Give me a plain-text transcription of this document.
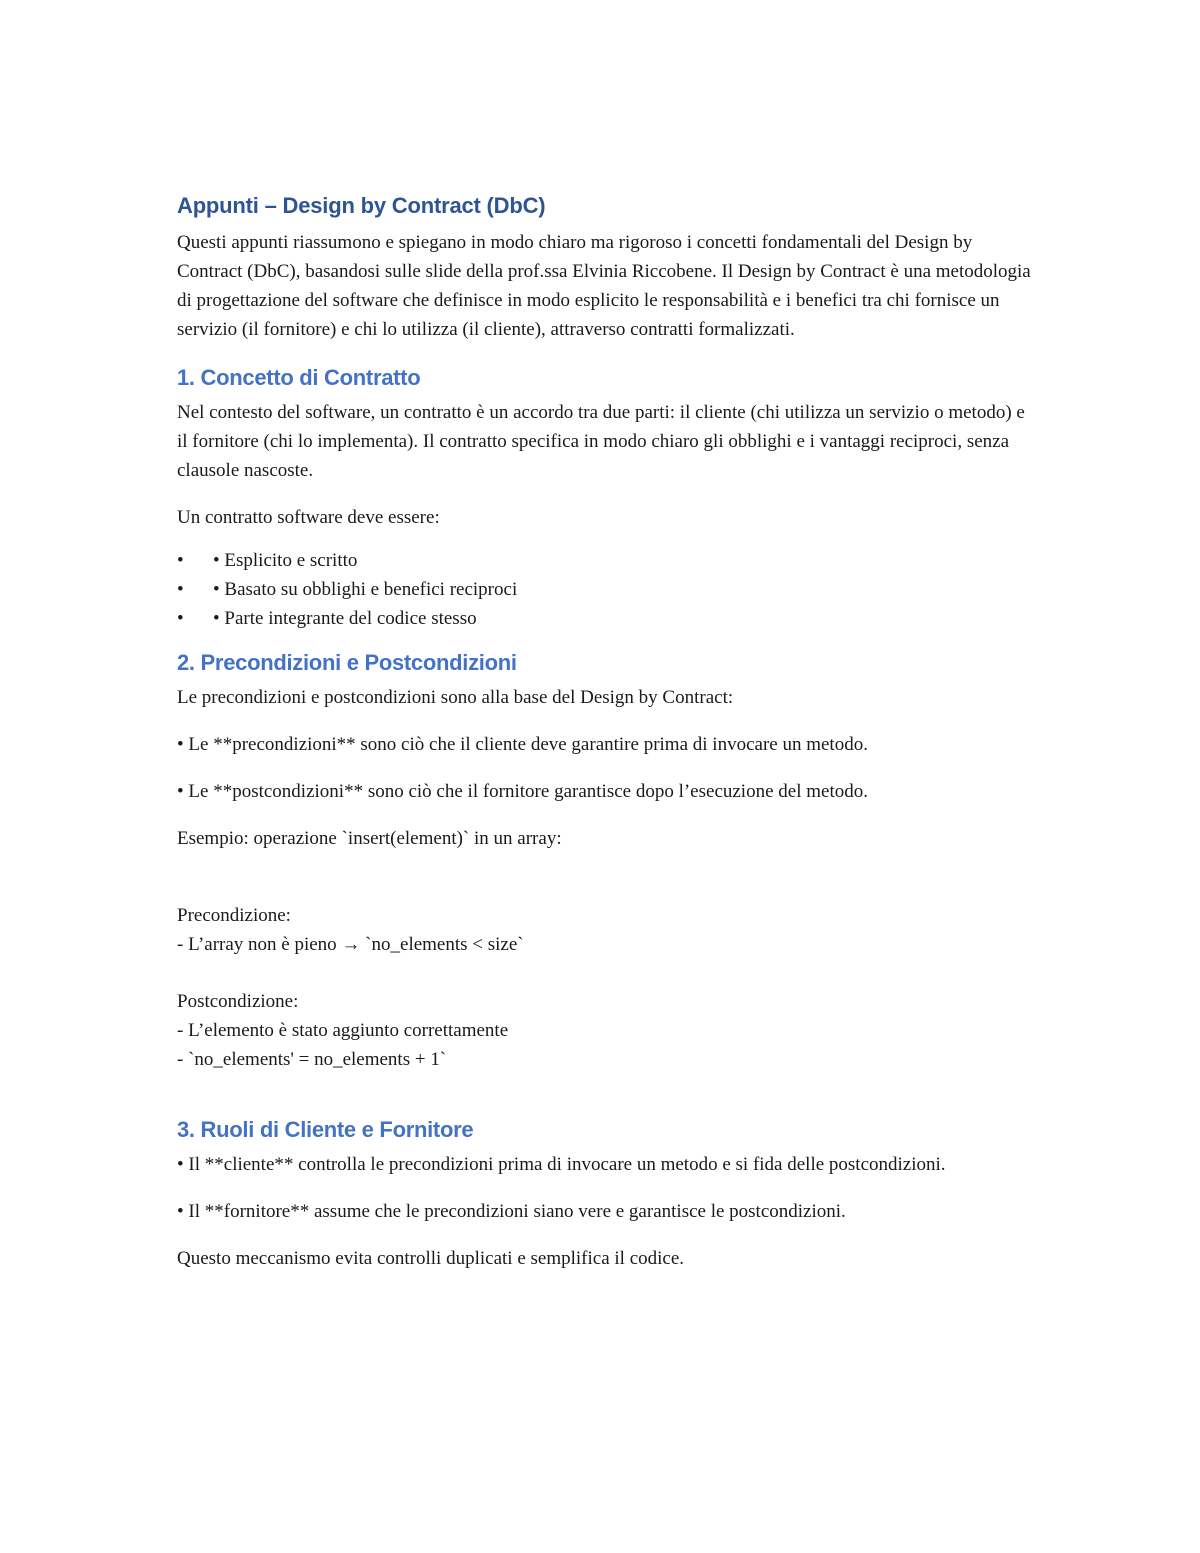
Appunti – Design by Contract (DbC)

Questi appunti riassumono e spiegano in modo chiaro ma rigoroso i concetti fondamentali del Design by Contract (DbC), basandosi sulle slide della prof.ssa Elvinia Riccobene. Il Design by Contract è una metodologia di progettazione del software che definisce in modo esplicito le responsabilità e i benefici tra chi fornisce un servizio (il fornitore) e chi lo utilizza (il cliente), attraverso contratti formalizzati.

1. Concetto di Contratto

Nel contesto del software, un contratto è un accordo tra due parti: il cliente (chi utilizza un servizio o metodo) e il fornitore (chi lo implementa). Il contratto specifica in modo chiaro gli obblighi e i vantaggi reciproci, senza clausole nascoste.

Un contratto software deve essere:

• • Esplicito e scritto
• • Basato su obblighi e benefici reciproci
• • Parte integrante del codice stesso
2. Precondizioni e Postcondizioni

Le precondizioni e postcondizioni sono alla base del Design by Contract:

• Le **precondizioni** sono ciò che il cliente deve garantire prima di invocare un metodo.

• Le **postcondizioni** sono ciò che il fornitore garantisce dopo l’esecuzione del metodo.

Esempio: operazione `insert(element)` in un array:

Precondizione:

- L’array non è pieno → `no_elements < size`

Postcondizione:

- L’elemento è stato aggiunto correttamente

- `no_elements' = no_elements + 1`

3. Ruoli di Cliente e Fornitore

• Il **cliente** controlla le precondizioni prima di invocare un metodo e si fida delle postcondizioni.

• Il **fornitore** assume che le precondizioni siano vere e garantisce le postcondizioni.

Questo meccanismo evita controlli duplicati e semplifica il codice.
